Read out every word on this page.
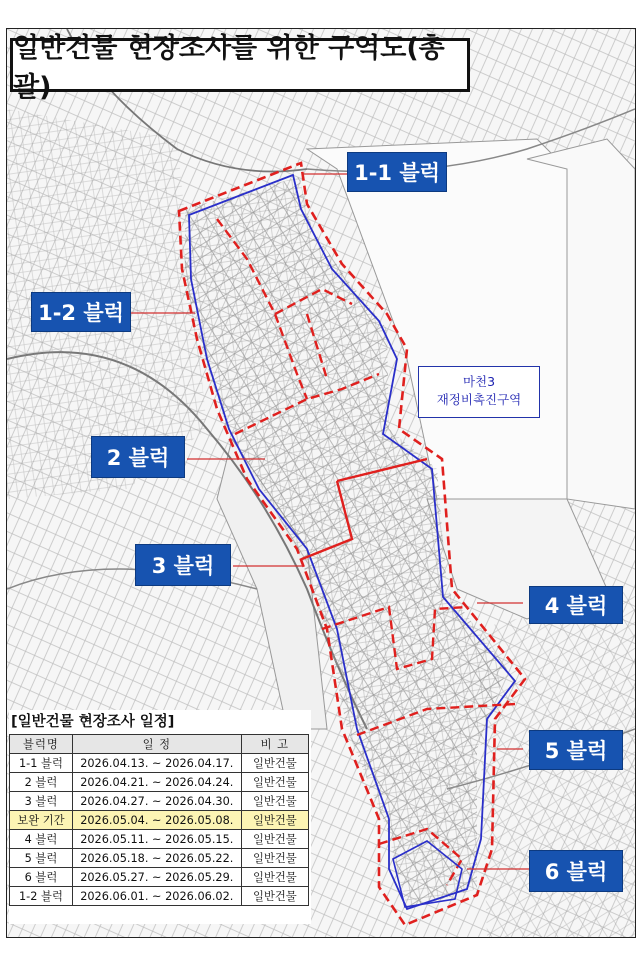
일반건물 현장조사를 위한 구역도(총괄)
1-1 블럭
1-2 블럭
2 블럭
3 블럭
4 블럭
5 블럭
6 블럭
마천3
재정비촉진구역
[일반건물 현장조사 일정]
블럭명	일 정	비 고
1-1 블럭	2026.04.13. ~ 2026.04.17.	일반건물
2 블럭	2026.04.21. ~ 2026.04.24.	일반건물
3 블럭	2026.04.27. ~ 2026.04.30.	일반건물
보완 기간	2026.05.04. ~ 2026.05.08.	일반건물
4 블럭	2026.05.11. ~ 2026.05.15.	일반건물
5 블럭	2026.05.18. ~ 2026.05.22.	일반건물
6 블럭	2026.05.27. ~ 2026.05.29.	일반건물
1-2 블럭	2026.06.01. ~ 2026.06.02.	일반건물
